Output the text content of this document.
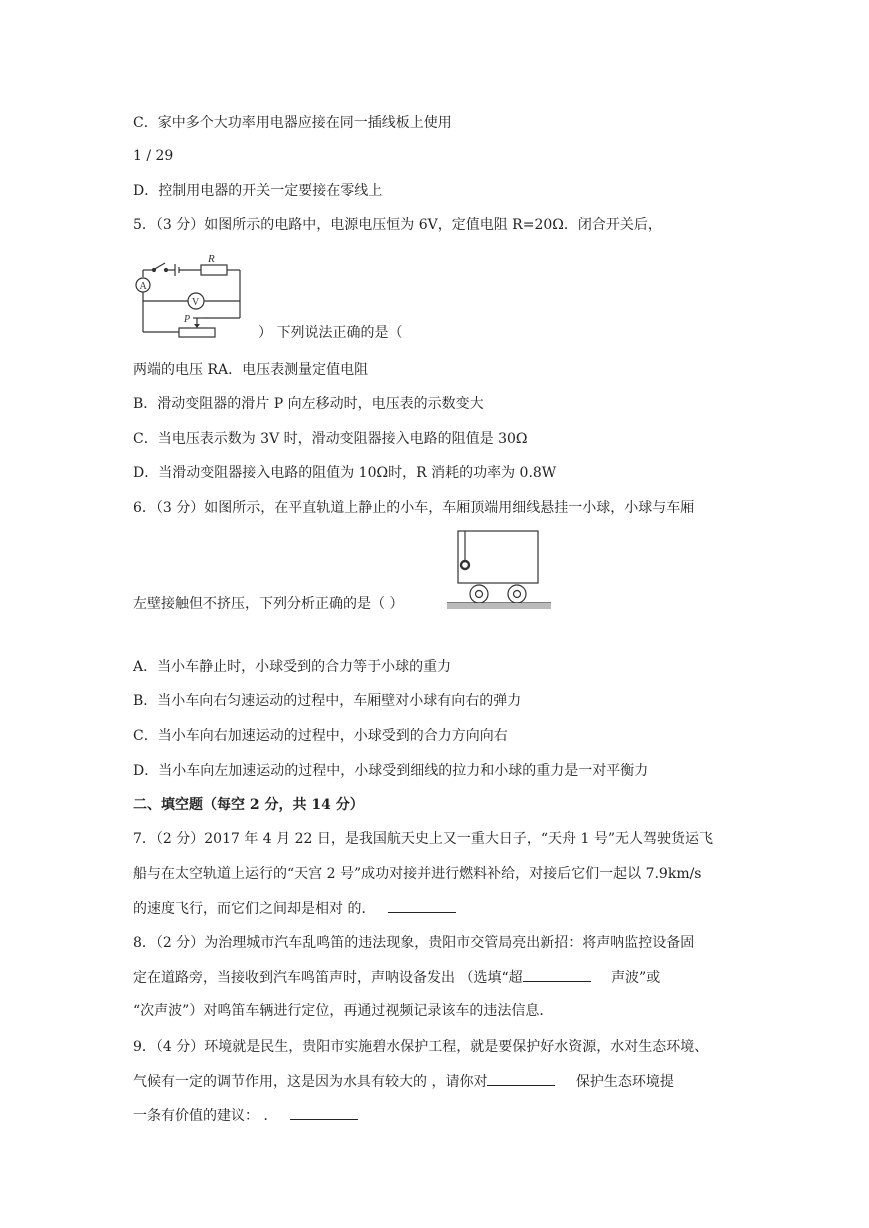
C．家中多个大功率用电器应接在同一插线板上使用
1 / 29
D．控制用电器的开关一定要接在零线上
5．（3 分）如图所示的电路中，电源电压恒为 6V，定值电阻 R=20Ω．闭合开关后，
R
A
V
P
） 下列说法正确的是（
两端的电压 RA．电压表测量定值电阻
B．滑动变阻器的滑片 P 向左移动时，电压表的示数变大
C．当电压表示数为 3V 时，滑动变阻器接入电路的阻值是 30Ω
D．当滑动变阻器接入电路的阻值为 10Ω时，R 消耗的功率为 0.8W
6．（3 分）如图所示，在平直轨道上静止的小车，车厢顶端用细线悬挂一小球，小球与车厢
左壁接触但不挤压，下列分析正确的是（ ）
A．当小车静止时，小球受到的合力等于小球的重力
B．当小车向右匀速运动的过程中，车厢壁对小球有向右的弹力
C．当小车向右加速运动的过程中，小球受到的合力方向向右
D．当小车向左加速运动的过程中，小球受到细线的拉力和小球的重力是一对平衡力
二、填空题（每空 2 分，共 14 分）
7．（2 分）2017 年 4 月 22 日，是我国航天史上又一重大日子，“天舟 1 号”无人驾驶货运飞
船与在太空轨道上运行的“天宫 2 号”成功对接并进行燃料补给，对接后它们一起以 7.9km/s
的速度飞行，而它们之间却是相对 的．
8．（2 分）为治理城市汽车乱鸣笛的违法现象，贵阳市交管局亮出新招：将声呐监控设备固
定在道路旁，当接收到汽车鸣笛声时，声呐设备发出 （选填“超	声波”或
“次声波”）对鸣笛车辆进行定位，再通过视频记录该车的违法信息．
9．（4 分）环境就是民生，贵阳市实施碧水保护工程，就是要保护好水资源，水对生态环境、
气候有一定的调节作用，这是因为水具有较大的 ，请你对	保护生态环境提
一条有价值的建议： ．
